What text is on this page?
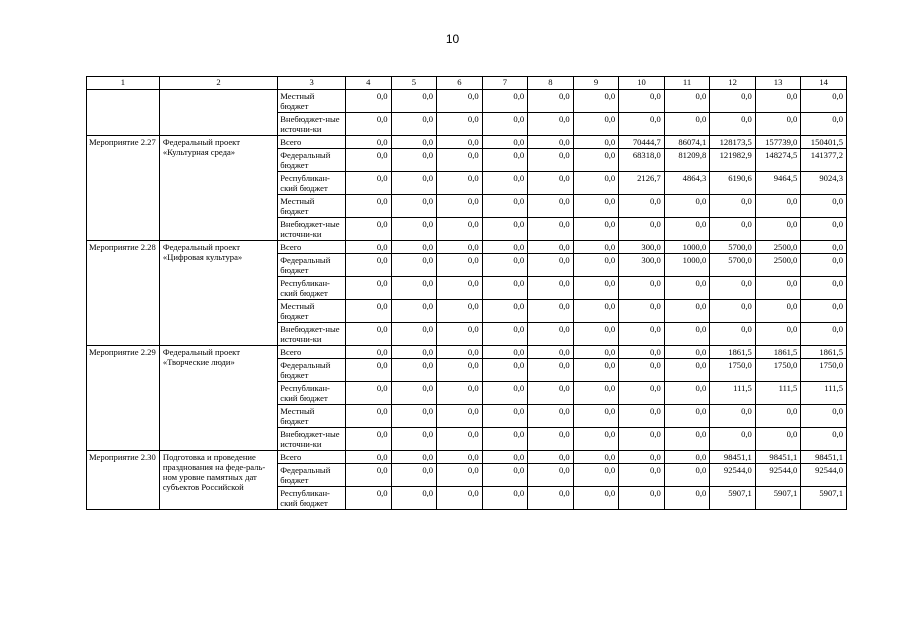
10
1	2	3	4	5	6	7	8	9	10	11	12	13	14
		Местный бюджет	0,0	0,0	0,0	0,0	0,0	0,0	0,0	0,0	0,0	0,0	0,0
		Внебюджет-ные источни-ки	0,0	0,0	0,0	0,0	0,0	0,0	0,0	0,0	0,0	0,0	0,0
Мероприятие 2.27	Федеральный проект «Культурная среда»	Всего	0,0	0,0	0,0	0,0	0,0	0,0	70444,7	86074,1	128173,5	157739,0	150401,5
		Федеральный бюджет	0,0	0,0	0,0	0,0	0,0	0,0	68318,0	81209,8	121982,9	148274,5	141377,2
		Республикан-ский бюджет	0,0	0,0	0,0	0,0	0,0	0,0	2126,7	4864,3	6190,6	9464,5	9024,3
		Местный бюджет	0,0	0,0	0,0	0,0	0,0	0,0	0,0	0,0	0,0	0,0	0,0
		Внебюджет-ные источни-ки	0,0	0,0	0,0	0,0	0,0	0,0	0,0	0,0	0,0	0,0	0,0
Мероприятие 2.28	Федеральный проект «Цифровая культура»	Всего	0,0	0,0	0,0	0,0	0,0	0,0	300,0	1000,0	5700,0	2500,0	0,0
		Федеральный бюджет	0,0	0,0	0,0	0,0	0,0	0,0	300,0	1000,0	5700,0	2500,0	0,0
		Республикан-ский бюджет	0,0	0,0	0,0	0,0	0,0	0,0	0,0	0,0	0,0	0,0	0,0
		Местный бюджет	0,0	0,0	0,0	0,0	0,0	0,0	0,0	0,0	0,0	0,0	0,0
		Внебюджет-ные источни-ки	0,0	0,0	0,0	0,0	0,0	0,0	0,0	0,0	0,0	0,0	0,0
Мероприятие 2.29	Федеральный проект «Творческие люди»	Всего	0,0	0,0	0,0	0,0	0,0	0,0	0,0	0,0	1861,5	1861,5	1861,5
		Федеральный бюджет	0,0	0,0	0,0	0,0	0,0	0,0	0,0	0,0	1750,0	1750,0	1750,0
		Республикан-ский бюджет	0,0	0,0	0,0	0,0	0,0	0,0	0,0	0,0	111,5	111,5	111,5
		Местный бюджет	0,0	0,0	0,0	0,0	0,0	0,0	0,0	0,0	0,0	0,0	0,0
		Внебюджет-ные источни-ки	0,0	0,0	0,0	0,0	0,0	0,0	0,0	0,0	0,0	0,0	0,0
Мероприятие 2.30	Подготовка и проведение празднования на феде-раль-ном уровне памятных дат субъектов Российской	Всего	0,0	0,0	0,0	0,0	0,0	0,0	0,0	0,0	98451,1	98451,1	98451,1
		Федеральный бюджет	0,0	0,0	0,0	0,0	0,0	0,0	0,0	0,0	92544,0	92544,0	92544,0
		Республикан-ский бюджет	0,0	0,0	0,0	0,0	0,0	0,0	0,0	0,0	5907,1	5907,1	5907,1
